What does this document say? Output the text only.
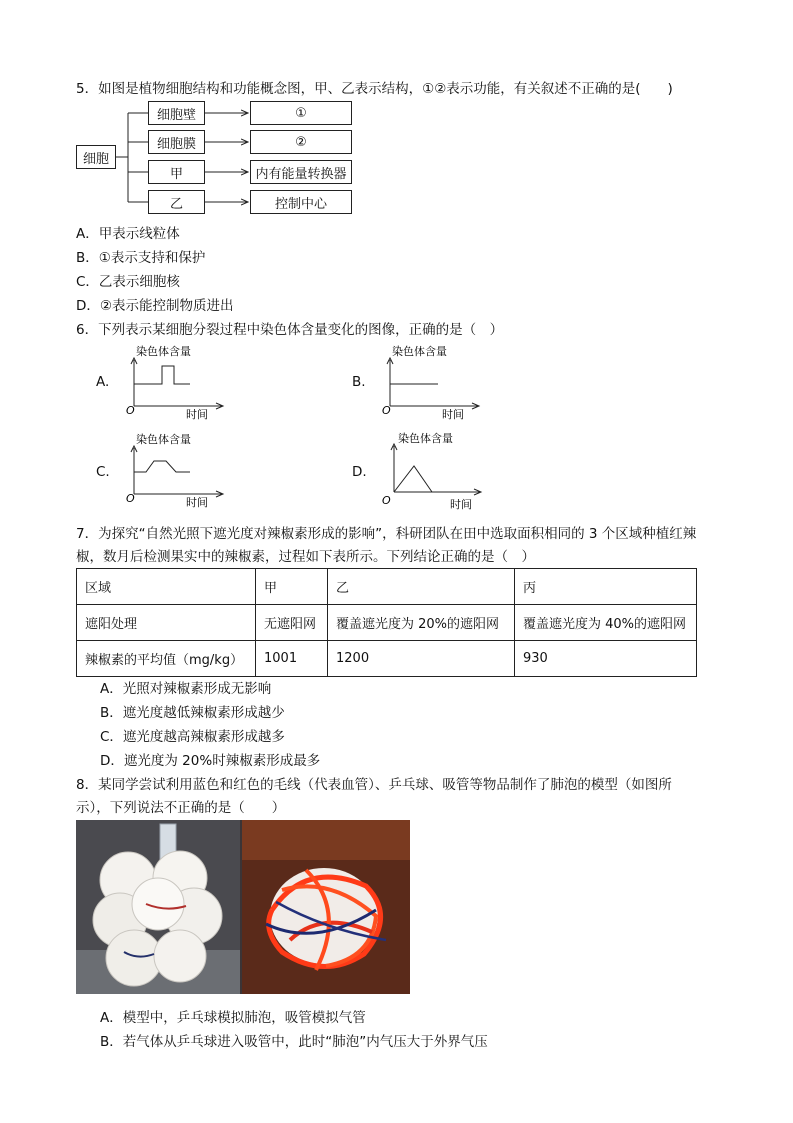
5．如图是植物细胞结构和功能概念图，甲、乙表示结构，①②表示功能，有关叙述不正确的是(　　)
细胞
细胞壁
细胞膜
甲
乙
①
②
内有能量转换器
控制中心
A．甲表示线粒体
B．①表示支持和保护
C．乙表示细胞核
D．②表示能控制物质进出
6．下列表示某细胞分裂过程中染色体含量变化的图像，正确的是（　）
A.
染色体含量
O	时间
B.
染色体含量
O	时间
C.
染色体含量
O	时间
D.
染色体含量
O	时间
7．为探究“自然光照下遮光度对辣椒素形成的影响”，科研团队在田中选取面积相同的 3 个区域种植红辣
椒，数月后检测果实中的辣椒素，过程如下表所示。下列结论正确的是（　）
区域	甲	乙	丙
遮阳处理	无遮阳网	覆盖遮光度为 20%的遮阳网	覆盖遮光度为 40%的遮阳网
辣椒素的平均值（mg/kg）	1001	1200	930
A．光照对辣椒素形成无影响
B．遮光度越低辣椒素形成越少
C．遮光度越高辣椒素形成越多
D．遮光度为 20%时辣椒素形成最多
8．某同学尝试利用蓝色和红色的毛线（代表血管）、乒乓球、吸管等物品制作了肺泡的模型（如图所
示），下列说法不正确的是（　　）
A．模型中，乒乓球模拟肺泡，吸管模拟气管
B．若气体从乒乓球进入吸管中，此时“肺泡”内气压大于外界气压
